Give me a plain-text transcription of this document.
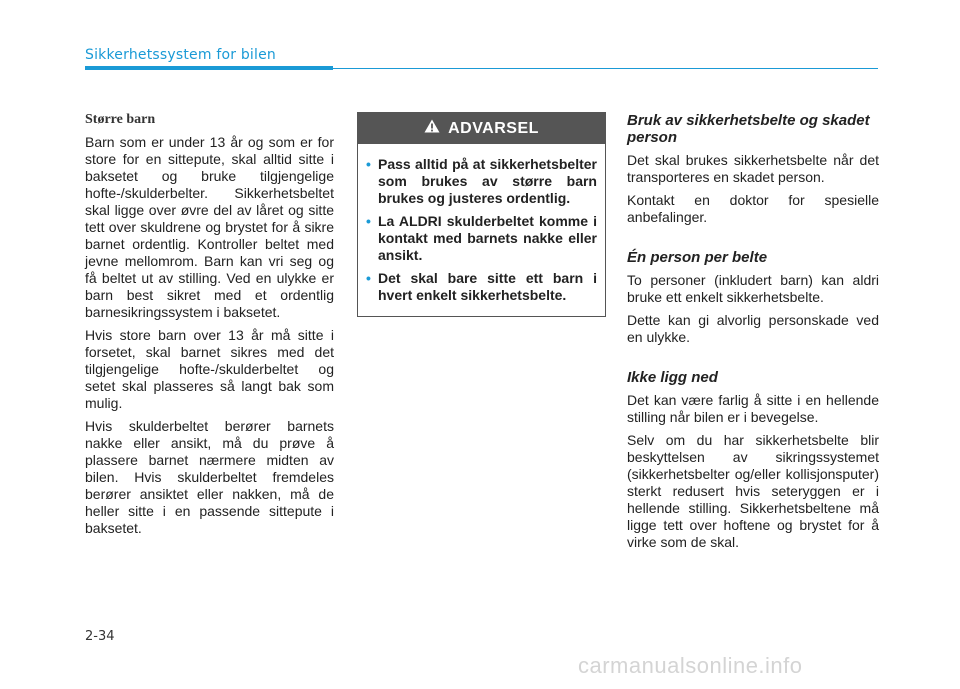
Sikkerhetssystem for bilen
Større barn

Barn som er under 13 år og som er for store for en sittepute, skal alltid sitte i baksetet og bruke tilgjengelige hofte-/skulderbelter. Sikkerhetsbeltet skal ligge over øvre del av låret og sitte tett over skuldrene og brystet for å sikre barnet ordentlig. Kontroller beltet med jevne mellomrom. Barn kan vri seg og få beltet ut av stilling. Ved en ulykke er barn best sikret med et ordentlig barnesikringssystem i baksetet.

Hvis store barn over 13 år må sitte i forsetet, skal barnet sikres med det tilgjengelige hofte-/skulderbeltet og setet skal plasseres så langt bak som mulig.

Hvis skulderbeltet berører barnets nakke eller ansikt, må du prøve å plassere barnet nærmere midten av bilen. Hvis skulderbeltet fremdeles berører ansiktet eller nakken, må de heller sitte i en passende sittepute i baksetet.

ADVARSEL
• Pass alltid på at sikkerhetsbelter som brukes av større barn brukes og justeres ordentlig.
• La ALDRI skulderbeltet komme i kontakt med barnets nakke eller ansikt.
• Det skal bare sitte ett barn i hvert enkelt sikkerhetsbelte.
Bruk av sikkerhetsbelte og skadet person

Det skal brukes sikkerhetsbelte når det transporteres en skadet person.

Kontakt en doktor for spesielle anbefalinger.

Én person per belte

To personer (inkludert barn) kan aldri bruke ett enkelt sikkerhetsbelte.

Dette kan gi alvorlig personskade ved en ulykke.

Ikke ligg ned

Det kan være farlig å sitte i en hellende stilling når bilen er i bevegelse.

Selv om du har sikkerhetsbelte blir beskyttelsen av sikringssystemet (sikkerhetsbelter og/eller kollisjonsputer) sterkt redusert hvis seteryggen er i hellende stilling. Sikkerhetsbeltene må ligge tett over hoftene og brystet for å virke som de skal.

2-34
carmanualsonline.info
